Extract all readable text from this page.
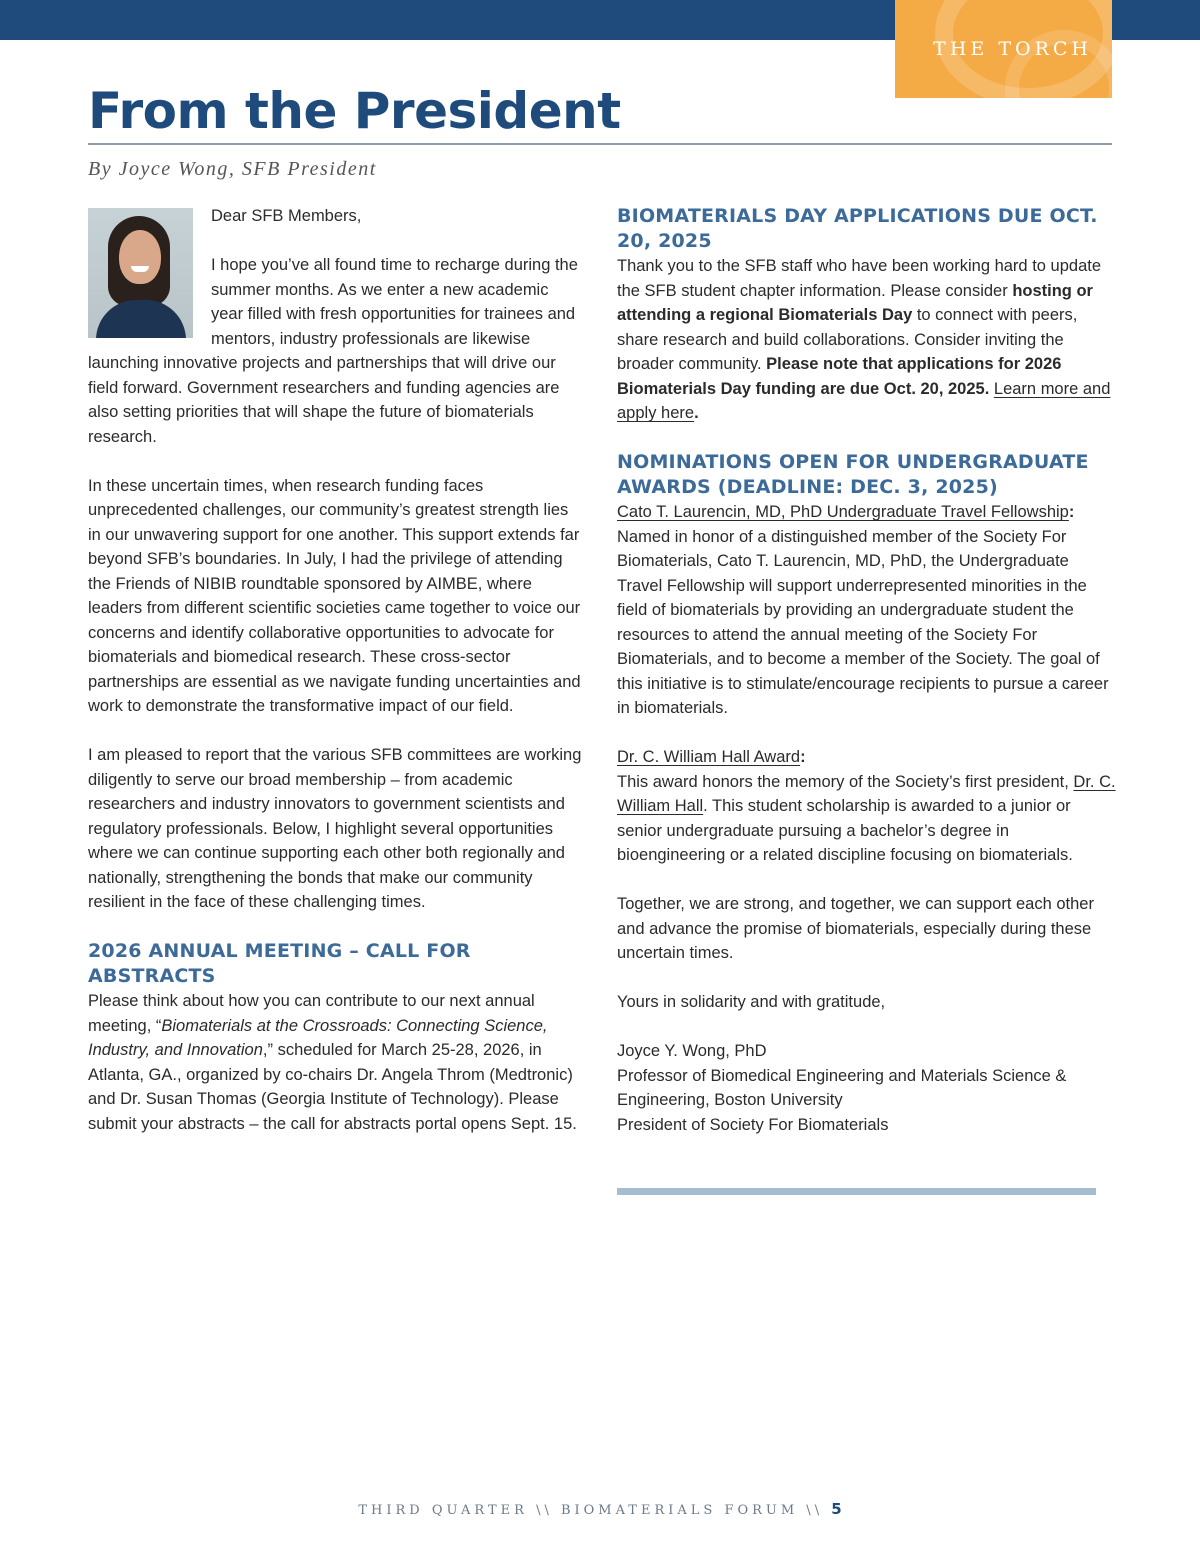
THE TORCH
From the President
By Joyce Wong, SFB President

Dear SFB Members,

I hope you’ve all found time to recharge during the summer months. As we enter a new academic year filled with fresh opportunities for trainees and mentors, industry professionals are likewise launching innovative projects and partnerships that will drive our field forward. Government researchers and funding agencies are also setting priorities that will shape the future of biomaterials research.

In these uncertain times, when research funding faces unprecedented challenges, our community’s greatest strength lies in our unwavering support for one another. This support extends far beyond SFB’s boundaries. In July, I had the privilege of attending the Friends of NIBIB roundtable sponsored by AIMBE, where leaders from different scientific societies came together to voice our concerns and identify collaborative opportunities to advocate for biomaterials and biomedical research. These cross-sector partnerships are essential as we navigate funding uncertainties and work to demonstrate the transformative impact of our field.

I am pleased to report that the various SFB committees are working diligently to serve our broad membership – from academic researchers and industry innovators to government scientists and regulatory professionals. Below, I highlight several opportunities where we can continue supporting each other both regionally and nationally, strengthening the bonds that make our community resilient in the face of these challenging times.

2026 ANNUAL MEETING – CALL FOR ABSTRACTS

Please think about how you can contribute to our next annual meeting, “Biomaterials at the Crossroads: Connecting Science, Industry, and Innovation,” scheduled for March 25-28, 2026, in Atlanta, GA., organized by co-chairs Dr. Angela Throm (Medtronic) and Dr. Susan Thomas (Georgia Institute of Technology). Please submit your abstracts – the call for abstracts portal opens Sept. 15.

BIOMATERIALS DAY APPLICATIONS DUE OCT. 20, 2025

Thank you to the SFB staff who have been working hard to update the SFB student chapter information. Please consider hosting or attending a regional Biomaterials Day to connect with peers, share research and build collaborations. Consider inviting the broader community. Please note that applications for 2026 Biomaterials Day funding are due Oct. 20, 2025. Learn more and apply here.

NOMINATIONS OPEN FOR UNDERGRADUATE AWARDS (DEADLINE: DEC. 3, 2025)

Cato T. Laurencin, MD, PhD Undergraduate Travel Fellowship:
Named in honor of a distinguished member of the Society For Biomaterials, Cato T. Laurencin, MD, PhD, the Undergraduate Travel Fellowship will support underrepresented minorities in the field of biomaterials by providing an undergraduate student the resources to attend the annual meeting of the Society For Biomaterials, and to become a member of the Society. The goal of this initiative is to stimulate/encourage recipients to pursue a career in biomaterials.

Dr. C. William Hall Award:
This award honors the memory of the Society’s first president, Dr. C. William Hall. This student scholarship is awarded to a junior or senior undergraduate pursuing a bachelor’s degree in bioengineering or a related discipline focusing on biomaterials.

Together, we are strong, and together, we can support each other and advance the promise of biomaterials, especially during these uncertain times.

Yours in solidarity and with gratitude,

Joyce Y. Wong, PhD
Professor of Biomedical Engineering and Materials Science & Engineering, Boston University
President of Society For Biomaterials

THIRD QUARTER \\ BIOMATERIALS FORUM \\ 5
